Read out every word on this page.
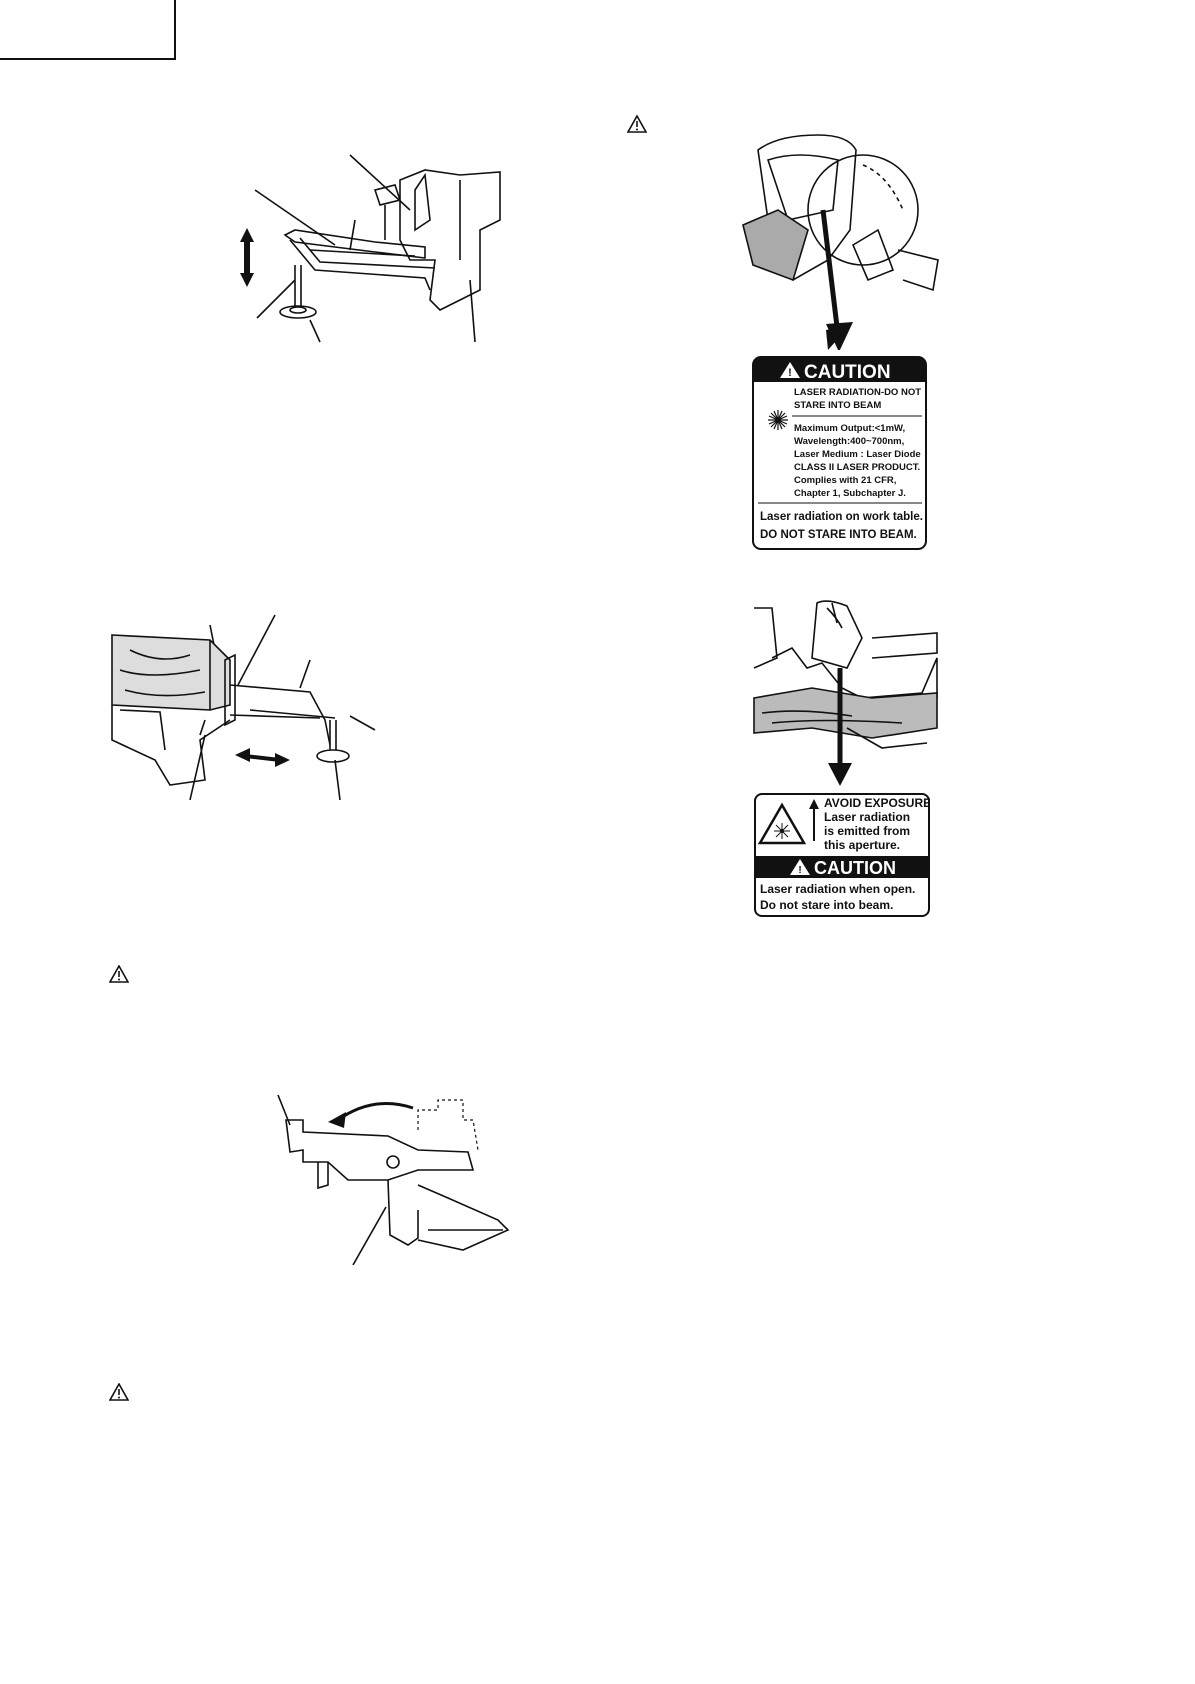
! CAUTION
LASER RADIATION-DO NOT
STARE INTO BEAM
Maximum Output:<1mW,
Wavelength:400~700nm,
Laser Medium : Laser Diode
CLASS II LASER PRODUCT.
Complies with 21 CFR,
Chapter 1, Subchapter J.
Laser radiation on work table.
DO NOT STARE INTO BEAM.
AVOID EXPOSURE
Laser radiation
is emitted from
this aperture.
! CAUTION
Laser radiation when open.
Do not stare into beam.
